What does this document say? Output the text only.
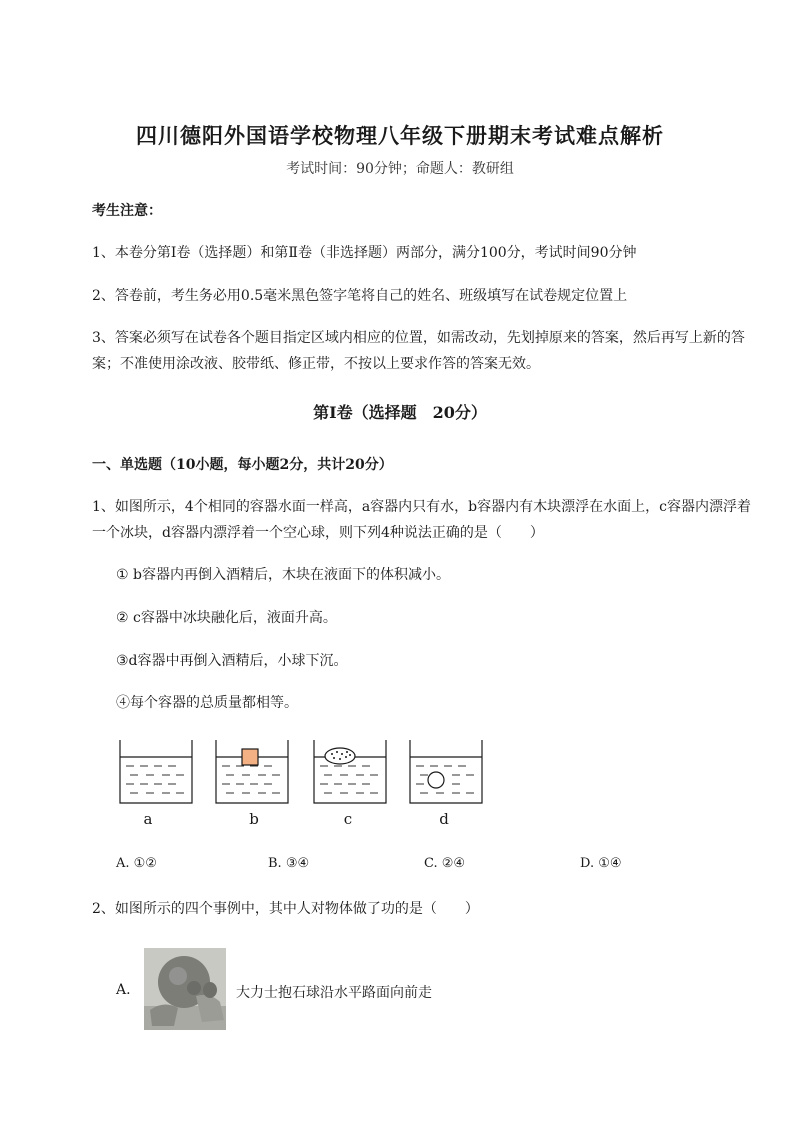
四川德阳外国语学校物理八年级下册期末考试难点解析
考试时间：90分钟；命题人：教研组
考生注意：
1、本卷分第I卷（选择题）和第Ⅱ卷（非选择题）两部分，满分100分，考试时间90分钟
2、答卷前，考生务必用0.5毫米黑色签字笔将自己的姓名、班级填写在试卷规定位置上
3、答案必须写在试卷各个题目指定区域内相应的位置，如需改动，先划掉原来的答案，然后再写上新的答案；不准使用涂改液、胶带纸、修正带，不按以上要求作答的答案无效。
第I卷（选择题　20分）
一、单选题（10小题，每小题2分，共计20分）
1、如图所示，4个相同的容器水面一样高，a容器内只有水，b容器内有木块漂浮在水面上，c容器内漂浮着一个冰块，d容器内漂浮着一个空心球，则下列4种说法正确的是（　　）
① b容器内再倒入酒精后，木块在液面下的体积减小。
② c容器中冰块融化后，液面升高。
③d容器中再倒入酒精后，小球下沉。
④每个容器的总质量都相等。
a	b	c	d
A. ①②	B. ③④	C. ②④	D. ①④
2、如图所示的四个事例中，其中人对物体做了功的是（　　）
A.	大力士抱石球沿水平路面向前走
